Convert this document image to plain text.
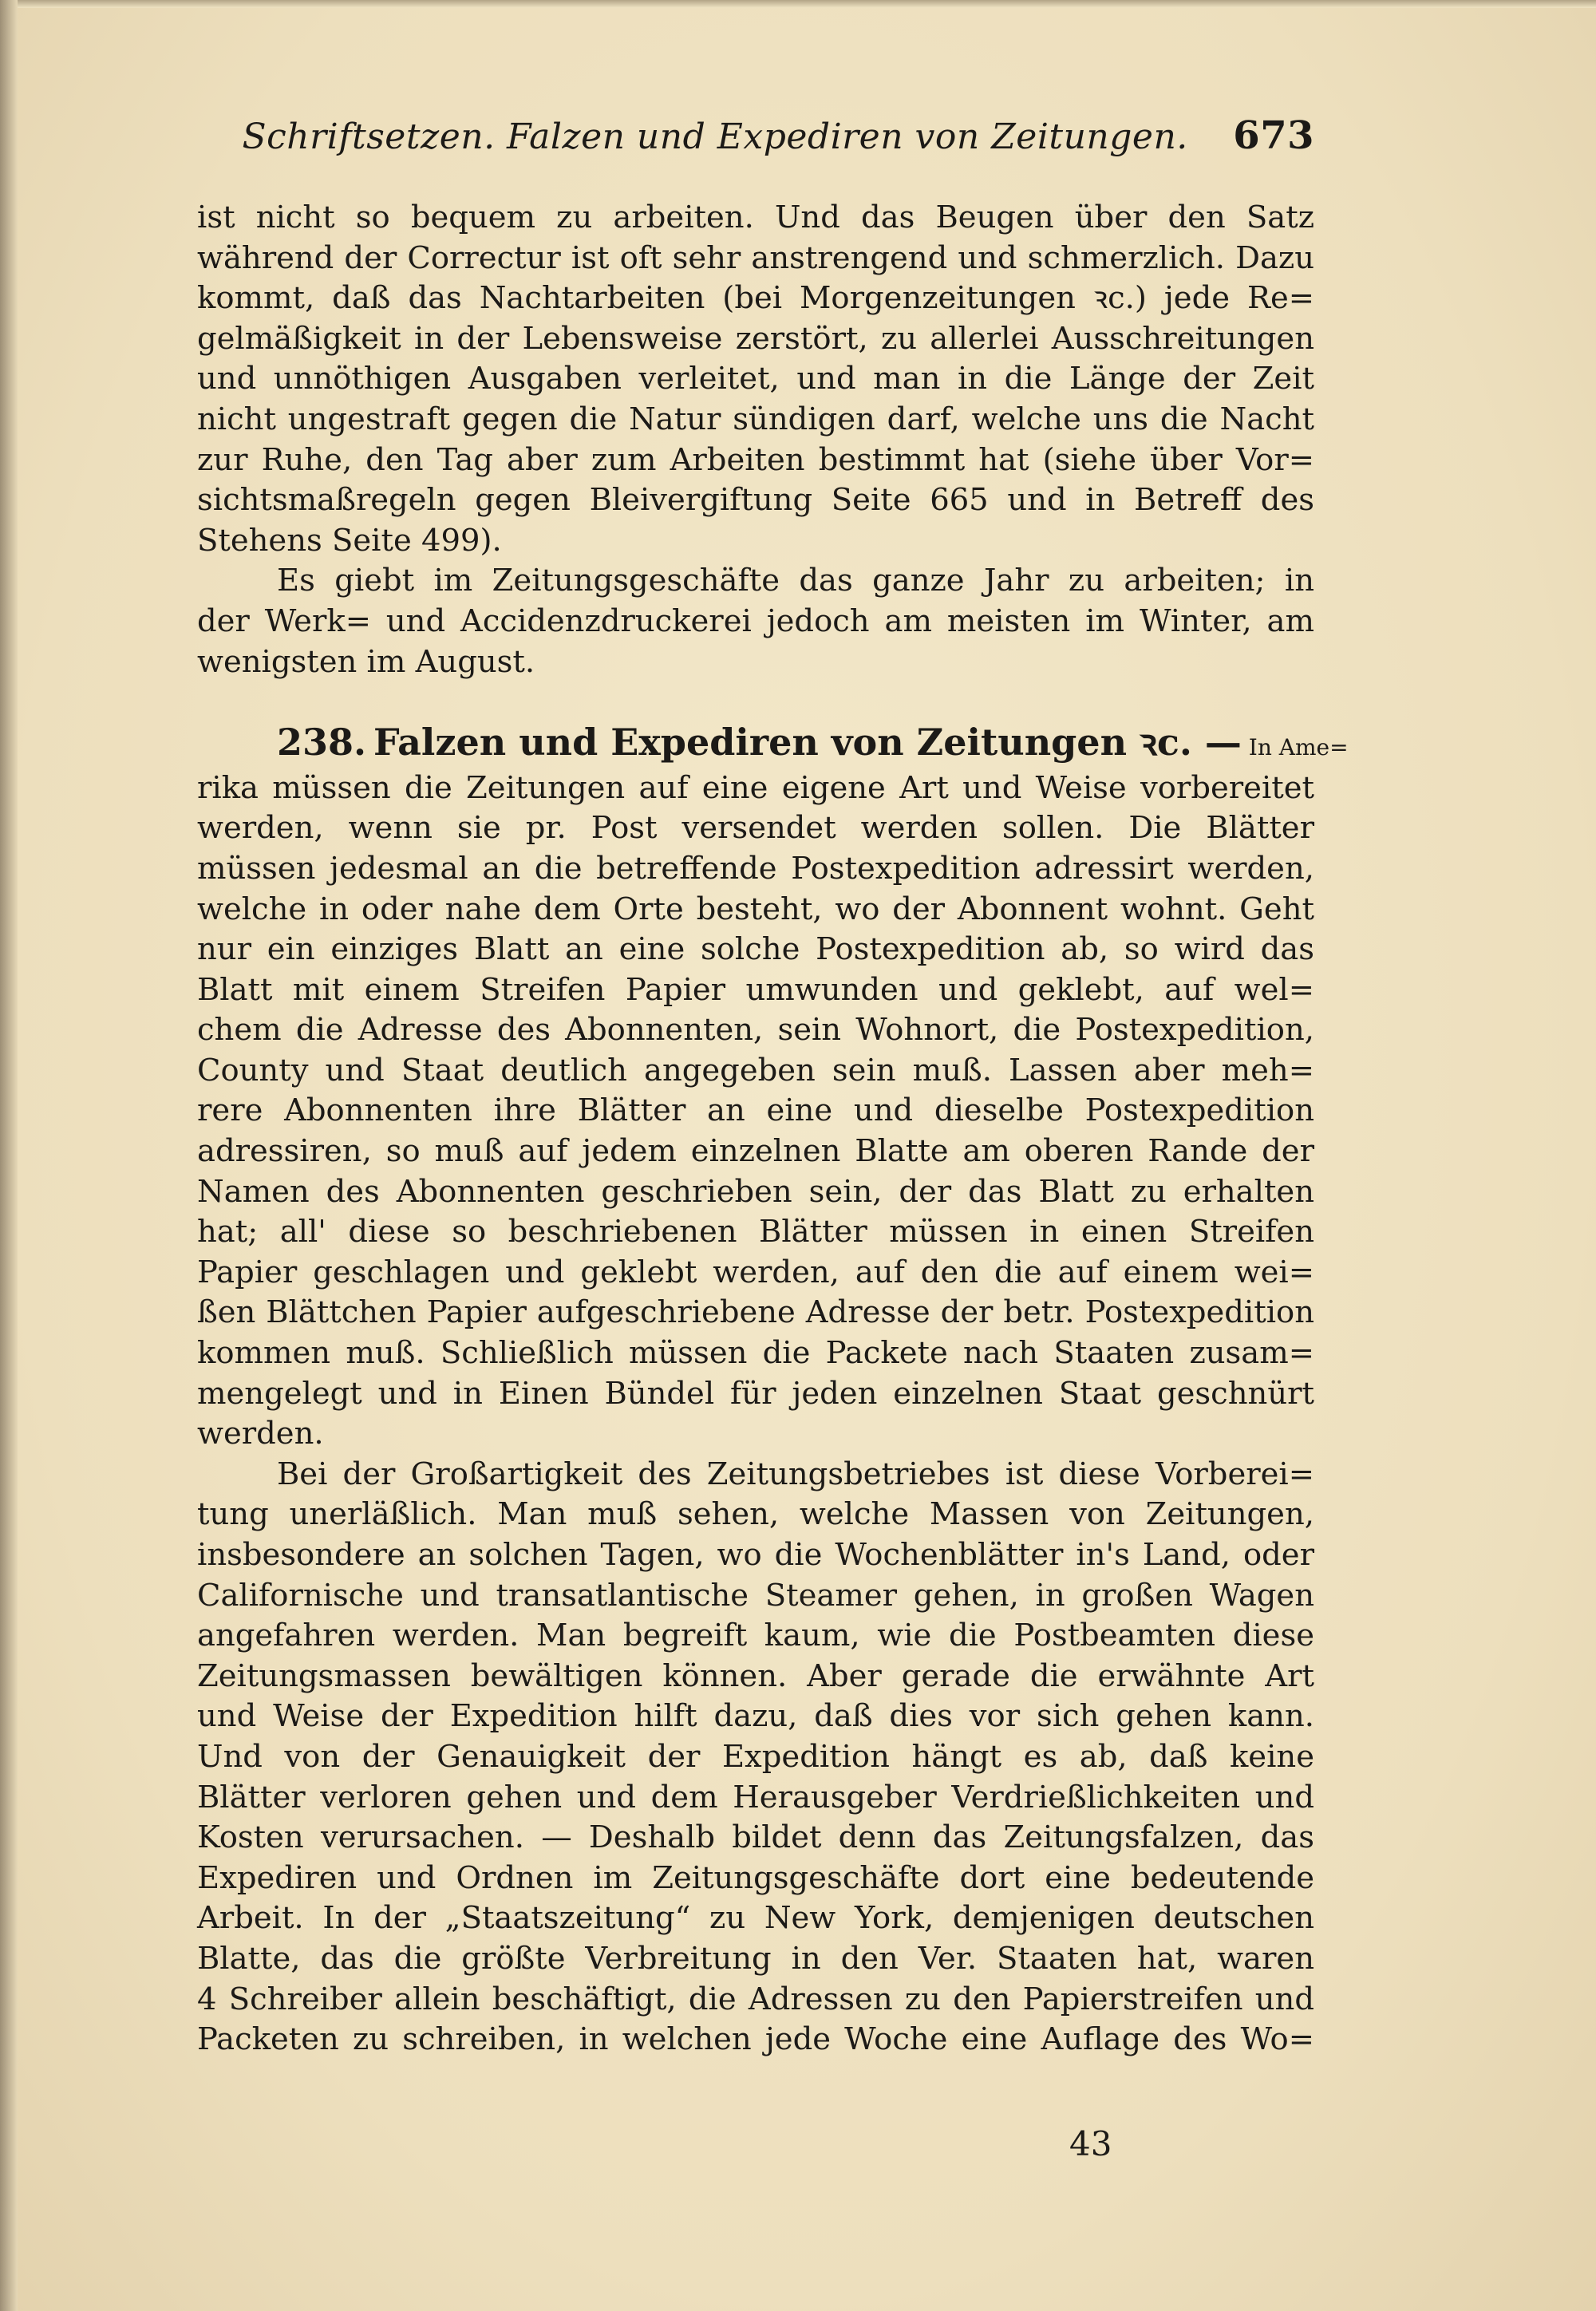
Schriftsetzen. Falzen und Expediren von Zeitungen.	673

ist nicht so bequem zu arbeiten. Und das Beugen über den Satz
während der Correctur ist oft sehr anstrengend und schmerzlich. Dazu
kommt, daß das Nachtarbeiten (bei Morgenzeitungen ꝛc.) jede Re=
gelmäßigkeit in der Lebensweise zerstört, zu allerlei Ausschreitungen
und unnöthigen Ausgaben verleitet, und man in die Länge der Zeit
nicht ungestraft gegen die Natur sündigen darf, welche uns die Nacht
zur Ruhe, den Tag aber zum Arbeiten bestimmt hat (siehe über Vor=
sichtsmaßregeln gegen Bleivergiftung Seite 665 und in Betreff des
Stehens Seite 499).

Es giebt im Zeitungsgeschäfte das ganze Jahr zu arbeiten; in
der Werk= und Accidenzdruckerei jedoch am meisten im Winter, am
wenigsten im August.

238. Falzen und Expediren von Zeitungen ꝛc. — In Ame=
rika müssen die Zeitungen auf eine eigene Art und Weise vorbereitet
werden, wenn sie pr. Post versendet werden sollen. Die Blätter
müssen jedesmal an die betreffende Postexpedition adressirt werden,
welche in oder nahe dem Orte besteht, wo der Abonnent wohnt. Geht
nur ein einziges Blatt an eine solche Postexpedition ab, so wird das
Blatt mit einem Streifen Papier umwunden und geklebt, auf wel=
chem die Adresse des Abonnenten, sein Wohnort, die Postexpedition,
County und Staat deutlich angegeben sein muß. Lassen aber meh=
rere Abonnenten ihre Blätter an eine und dieselbe Postexpedition
adressiren, so muß auf jedem einzelnen Blatte am oberen Rande der
Namen des Abonnenten geschrieben sein, der das Blatt zu erhalten
hat; all' diese so beschriebenen Blätter müssen in einen Streifen
Papier geschlagen und geklebt werden, auf den die auf einem wei=
ßen Blättchen Papier aufgeschriebene Adresse der betr. Postexpedition
kommen muß. Schließlich müssen die Packete nach Staaten zusam=
mengelegt und in Einen Bündel für jeden einzelnen Staat geschnürt
werden.

Bei der Großartigkeit des Zeitungsbetriebes ist diese Vorberei=
tung unerläßlich. Man muß sehen, welche Massen von Zeitungen,
insbesondere an solchen Tagen, wo die Wochenblätter in's Land, oder
Californische und transatlantische Steamer gehen, in großen Wagen
angefahren werden. Man begreift kaum, wie die Postbeamten diese
Zeitungsmassen bewältigen können. Aber gerade die erwähnte Art
und Weise der Expedition hilft dazu, daß dies vor sich gehen kann.
Und von der Genauigkeit der Expedition hängt es ab, daß keine
Blätter verloren gehen und dem Herausgeber Verdrießlichkeiten und
Kosten verursachen. — Deshalb bildet denn das Zeitungsfalzen, das
Expediren und Ordnen im Zeitungsgeschäfte dort eine bedeutende
Arbeit. In der „Staatszeitung“ zu New York, demjenigen deutschen
Blatte, das die größte Verbreitung in den Ver. Staaten hat, waren
4 Schreiber allein beschäftigt, die Adressen zu den Papierstreifen und
Packeten zu schreiben, in welchen jede Woche eine Auflage des Wo=

43
